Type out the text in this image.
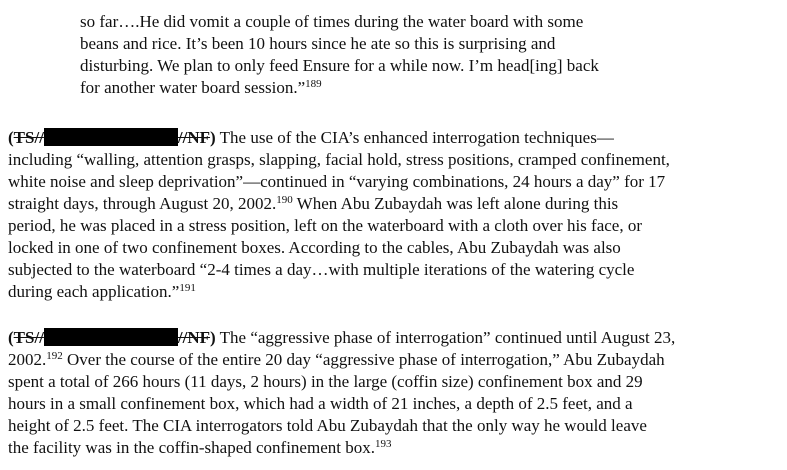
so far….He did vomit a couple of times during the water board with some
beans and rice. It’s been 10 hours since he ate so this is surprising and
disturbing. We plan to only feed Ensure for a while now. I’m head[ing] back
for another water board session.”$^{189}$
(TS//	//NF) The use of the CIA’s enhanced interrogation techniques—
including “walling, attention grasps, slapping, facial hold, stress positions, cramped confinement,
white noise and sleep deprivation”—continued in “varying combinations, 24 hours a day” for 17
straight days, through August 20, 2002.$^{190}$ When Abu Zubaydah was left alone during this
period, he was placed in a stress position, left on the waterboard with a cloth over his face, or
locked in one of two confinement boxes. According to the cables, Abu Zubaydah was also
subjected to the waterboard “2-4 times a day…with multiple iterations of the watering cycle
during each application.”$^{191}$
(TS//	//NF) The “aggressive phase of interrogation” continued until August 23,
2002.$^{192}$ Over the course of the entire 20 day “aggressive phase of interrogation,” Abu Zubaydah
spent a total of 266 hours (11 days, 2 hours) in the large (coffin size) confinement box and 29
hours in a small confinement box, which had a width of 21 inches, a depth of 2.5 feet, and a
height of 2.5 feet. The CIA interrogators told Abu Zubaydah that the only way he would leave
the facility was in the coffin-shaped confinement box.$^{193}$
